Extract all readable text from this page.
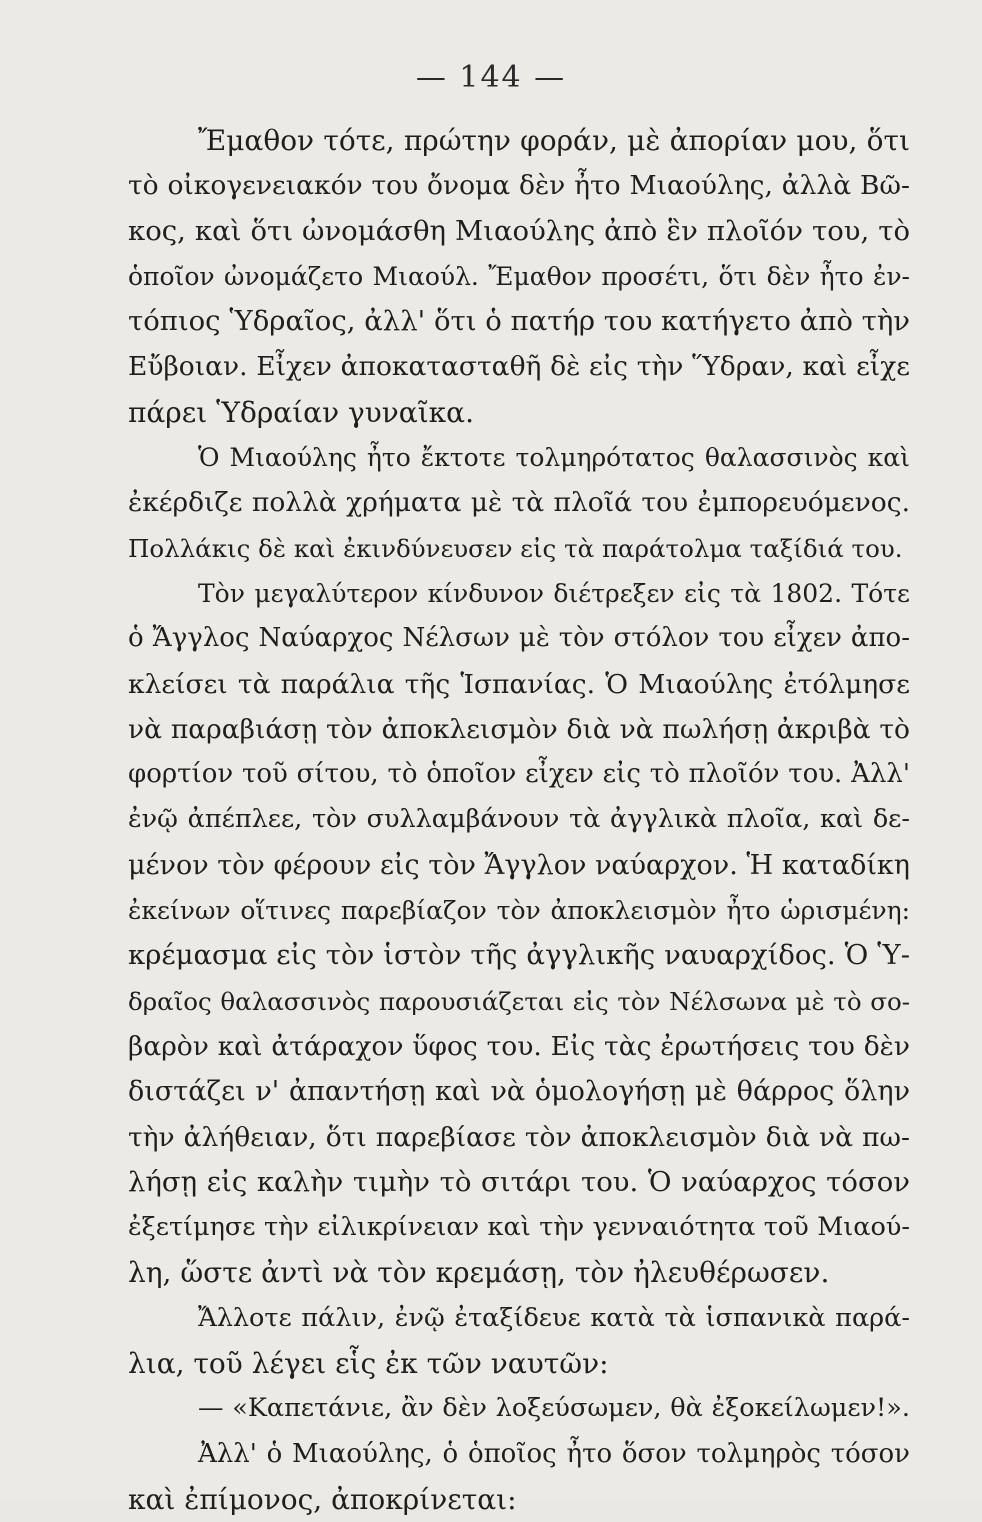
— 144 —
Ἔμαθον τότε, πρώτην φοράν, μὲ ἀπορίαν μου, ὅτι
τὸ οἰκογενειακόν του ὄνομα δὲν ἦτο Μιαούλης, ἀλλὰ Βῶ-
κος, καὶ ὅτι ὠνομάσθη Μιαούλης ἀπὸ ἓν πλοῖόν του, τὸ
ὁποῖον ὠνομάζετο Μιαούλ. Ἔμαθον προσέτι, ὅτι δὲν ἦτο ἐν-
τόπιος Ὑδραῖος, ἀλλ' ὅτι ὁ πατήρ του κατήγετο ἀπὸ τὴν
Εὔβοιαν. Εἶχεν ἀποκατασταθῆ δὲ εἰς τὴν Ὕδραν, καὶ εἶχε
πάρει Ὑδραίαν γυναῖκα.
Ὁ Μιαούλης ἦτο ἔκτοτε τολμηρότατος θαλασσινὸς καὶ
ἐκέρδιζε πολλὰ χρήματα μὲ τὰ πλοῖά του ἐμπορευόμενος.
Πολλάκις δὲ καὶ ἐκινδύνευσεν εἰς τὰ παράτολμα ταξίδιά του.
Τὸν μεγαλύτερον κίνδυνον διέτρεξεν εἰς τὰ 1802. Τότε
ὁ Ἄγγλος Ναύαρχος Νέλσων μὲ τὸν στόλον του εἶχεν ἀπο-
κλείσει τὰ παράλια τῆς Ἱσπανίας. Ὁ Μιαούλης ἐτόλμησε
νὰ παραβιάσῃ τὸν ἀποκλεισμὸν διὰ νὰ πωλήσῃ ἀκριβὰ τὸ
φορτίον τοῦ σίτου, τὸ ὁποῖον εἶχεν εἰς τὸ πλοῖόν του. Ἀλλ'
ἐνῷ ἀπέπλεε, τὸν συλλαμβάνουν τὰ ἀγγλικὰ πλοῖα, καὶ δε-
μένον τὸν φέρουν εἰς τὸν Ἄγγλον ναύαρχον. Ἡ καταδίκη
ἐκείνων οἵτινες παρεβίαζον τὸν ἀποκλεισμὸν ἦτο ὡρισμένη:
κρέμασμα εἰς τὸν ἱστὸν τῆς ἀγγλικῆς ναυαρχίδος. Ὁ Ὑ-
δραῖος θαλασσινὸς παρουσιάζεται εἰς τὸν Νέλσωνα μὲ τὸ σο-
βαρὸν καὶ ἀτάραχον ὕφος του. Εἰς τὰς ἐρωτήσεις του δὲν
διστάζει ν' ἀπαντήσῃ καὶ νὰ ὁμολογήσῃ μὲ θάρρος ὅλην
τὴν ἀλήθειαν, ὅτι παρεβίασε τὸν ἀποκλεισμὸν διὰ νὰ πω-
λήσῃ εἰς καλὴν τιμὴν τὸ σιτάρι του. Ὁ ναύαρχος τόσον
ἐξετίμησε τὴν εἰλικρίνειαν καὶ τὴν γενναιότητα τοῦ Μιαού-
λη, ὥστε ἀντὶ νὰ τὸν κρεμάσῃ, τὸν ἠλευθέρωσεν.
Ἄλλοτε πάλιν, ἐνῷ ἐταξίδευε κατὰ τὰ ἱσπανικὰ παρά-
λια, τοῦ λέγει εἷς ἐκ τῶν ναυτῶν:
— «Καπετάνιε, ἂν δὲν λοξεύσωμεν, θὰ ἐξοκείλωμεν!».
Ἀλλ' ὁ Μιαούλης, ὁ ὁποῖος ἦτο ὅσον τολμηρὸς τόσον
καὶ ἐπίμονος, ἀποκρίνεται:
